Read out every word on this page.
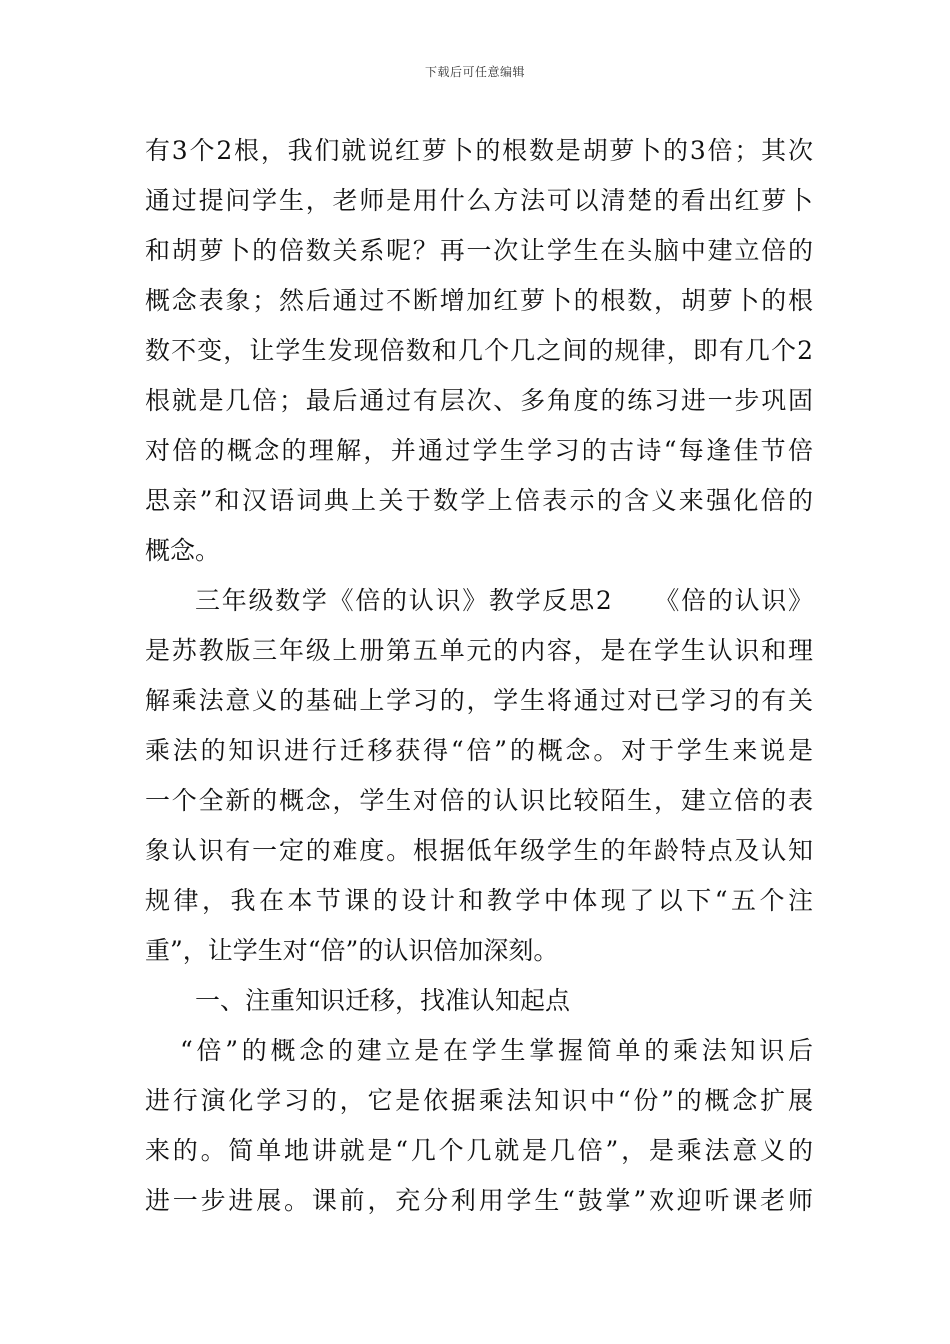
下载后可任意编辑
有3个2根，我们就说红萝卜的根数是胡萝卜的3倍；其次
通过提问学生，老师是用什么方法可以清楚的看出红萝卜
和胡萝卜的倍数关系呢？再一次让学生在头脑中建立倍的
概念表象；然后通过不断增加红萝卜的根数，胡萝卜的根
数不变，让学生发现倍数和几个几之间的规律，即有几个2
根就是几倍；最后通过有层次、多角度的练习进一步巩固
对倍的概念的理解，并通过学生学习的古诗“每逢佳节倍
思亲”和汉语词典上关于数学上倍表示的含义来强化倍的
概念。
三年级数学《倍的认识》教学反思2　　《倍的认识》
是苏教版三年级上册第五单元的内容，是在学生认识和理
解乘法意义的基础上学习的，学生将通过对已学习的有关
乘法的知识进行迁移获得“倍”的概念。对于学生来说是
一个全新的概念，学生对倍的认识比较陌生，建立倍的表
象认识有一定的难度。根据低年级学生的年龄特点及认知
规律，我在本节课的设计和教学中体现了以下“五个注
重”，让学生对“倍”的认识倍加深刻。
一、注重知识迁移，找准认知起点
“倍”的概念的建立是在学生掌握简单的乘法知识后
进行演化学习的，它是依据乘法知识中“份”的概念扩展
来的。简单地讲就是“几个几就是几倍”，是乘法意义的
进一步进展。课前，充分利用学生“鼓掌”欢迎听课老师
